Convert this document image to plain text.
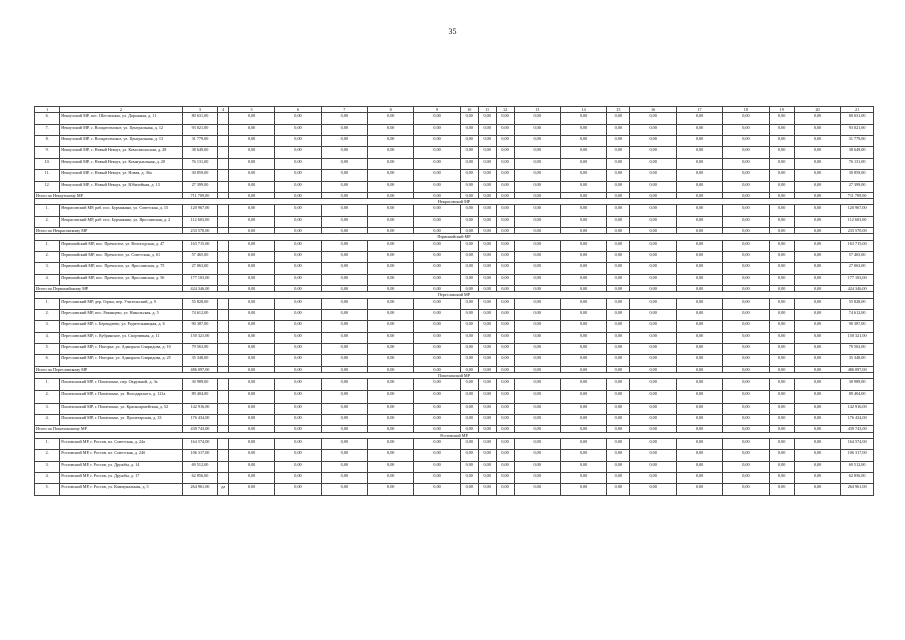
35
1	2	3	4	5	6	7	8	9	10	11	12	13	14	15	16	17	18	19	20	21
6.	Некоузский МР, пос. Шестихино, ул. Дорожная, д. 11	80 631,00		0,00	0,00	0,00	0,00	0,00	0,00	0,00	0,00	0,00	0,00	0,00	0,00	0,00	0,00	0,00	0,00	80 631,00
7.	Некоузский МР, с. Воскресенское, ул. Центральная, д. 12	93 021,00		0,00	0,00	0,00	0,00	0,00	0,00	0,00	0,00	0,00	0,00	0,00	0,00	0,00	0,00	0,00	0,00	93 021,00
8.	Некоузский МР, с. Воскресенское, ул. Центральная, д. 13	31 779,00		0,00	0,00	0,00	0,00	0,00	0,00	0,00	0,00	0,00	0,00	0,00	0,00	0,00	0,00	0,00	0,00	31 779,00
9.	Некоузский МР, с. Новый Некоуз, ул. Комсомольская, д. 28	38 649,00		0,00	0,00	0,00	0,00	0,00	0,00	0,00	0,00	0,00	0,00	0,00	0,00	0,00	0,00	0,00	0,00	38 649,00
10.	Некоузский МР, с. Новый Некоуз, ул. Коммунальная, д. 20	76 131,00		0,00	0,00	0,00	0,00	0,00	0,00	0,00	0,00	0,00	0,00	0,00	0,00	0,00	0,00	0,00	0,00	76 131,00
11.	Некоузский МР, с. Новый Некоуз, ул. Новая, д. 36а	30 859,00		0,00	0,00	0,00	0,00	0,00	0,00	0,00	0,00	0,00	0,00	0,00	0,00	0,00	0,00	0,00	0,00	30 859,00
12.	Некоузский МР, с. Новый Некоуз, ул. Юбилейная, д. 13	27 399,00		0,00	0,00	0,00	0,00	0,00	0,00	0,00	0,00	0,00	0,00	0,00	0,00	0,00	0,00	0,00	0,00	27 399,00
Итого по Некоузскому МР		711 709,00		0,00	0,00	0,00	0,00	0,00	0,00	0,00	0,00	0,00	0,00	0,00	0,00	0,00	0,00	0,00	0,00	711 709,00
Некрасовский МР																				
1.	Некрасовский МР, раб. пос. Бурмакино, ул. Советская, д. 15	120 967,00		0,00	0,00	0,00	0,00	0,00	0,00	0,00	0,00	0,00	0,00	0,00	0,00	0,00	0,00	0,00	0,00	120 967,00
2.	Некрасовский МР, раб. пос. Бурмакино, ул. Ярославская, д. 2	112 603,00		0,00	0,00	0,00	0,00	0,00	0,00	0,00	0,00	0,00	0,00	0,00	0,00	0,00	0,00	0,00	0,00	112 603,00
Итого по Некрасовскому МР		233 570,00		0,00	0,00	0,00	0,00	0,00	0,00	0,00	0,00	0,00	0,00	0,00	0,00	0,00	0,00	0,00	0,00	233 570,00
Первомайский МР																				
1.	Первомайский МР, пос. Пречистое, ул. Вологодская, д. 47	163 715,00		0,00	0,00	0,00	0,00	0,00	0,00	0,00	0,00	0,00	0,00	0,00	0,00	0,00	0,00	0,00	0,00	163 715,00
2.	Первомайский МР, пос. Пречистое, ул. Советская, д. 61	57 465,00		0,00	0,00	0,00	0,00	0,00	0,00	0,00	0,00	0,00	0,00	0,00	0,00	0,00	0,00	0,00	0,00	57 465,00
3.	Первомайский МР, пос. Пречистое, ул. Ярославская, д. 75	27 063,00		0,00	0,00	0,00	0,00	0,00	0,00	0,00	0,00	0,00	0,00	0,00	0,00	0,00	0,00	0,00	0,00	27 063,00
4.	Первомайский МР, пос. Пречистое, ул. Ярославская, д. 56	177 103,00		0,00	0,00	0,00	0,00	0,00	0,00	0,00	0,00	0,00	0,00	0,00	0,00	0,00	0,00	0,00	0,00	177 103,00
Итого по Первомайскому МР		424 346,00		0,00	0,00	0,00	0,00	0,00	0,00	0,00	0,00	0,00	0,00	0,00	0,00	0,00	0,00	0,00	0,00	424 346,00
Переславский МР																				
1.	Переславский МР, дер. Горки, пер. Учительский, д. 9	55 828,00		0,00	0,00	0,00	0,00	0,00	0,00	0,00	0,00	0,00	0,00	0,00	0,00	0,00	0,00	0,00	0,00	55 828,00
2.	Переславский МР, пос. Рязанцево, ул. Никольская, д. 5	74 612,00		0,00	0,00	0,00	0,00	0,00	0,00	0,00	0,00	0,00	0,00	0,00	0,00	0,00	0,00	0,00	0,00	74 612,00
3.	Переславский МР, с. Берендеево, ул. Родительницкая, д. 6	90 387,00		0,00	0,00	0,00	0,00	0,00	0,00	0,00	0,00	0,00	0,00	0,00	0,00	0,00	0,00	0,00	0,00	90 387,00
4.	Переславский МР, с. Кубринское, ул. Спортивная, д. 11	150 321,00		0,00	0,00	0,00	0,00	0,00	0,00	0,00	0,00	0,00	0,00	0,00	0,00	0,00	0,00	0,00	0,00	150 321,00
5.	Переславский МР, с. Нагорье, ул. Адмирала Спиридова, д. 10	79 563,00		0,00	0,00	0,00	0,00	0,00	0,00	0,00	0,00	0,00	0,00	0,00	0,00	0,00	0,00	0,00	0,00	79 563,00
6.	Переславский МР, с. Нагорье, ул. Адмирала Спиридова, д. 25	35 348,00		0,00	0,00	0,00	0,00	0,00	0,00	0,00	0,00	0,00	0,00	0,00	0,00	0,00	0,00	0,00	0,00	35 348,00
Итого по Переславскому МР		486 097,00		0,00	0,00	0,00	0,00	0,00	0,00	0,00	0,00	0,00	0,00	0,00	0,00	0,00	0,00	0,00	0,00	486 097,00
Пошехонский МР																				
1.	Пошехонский МР, г. Пошехонье, пер. Окружной, д. 3а	30 989,00		0,00	0,00	0,00	0,00	0,00	0,00	0,00	0,00	0,00	0,00	0,00	0,00	0,00	0,00	0,00	0,00	30 989,00
2.	Пошехонский МР, г. Пошехонье, ул. Володарского, д. 121а	89 404,00		0,00	0,00	0,00	0,00	0,00	0,00	0,00	0,00	0,00	0,00	0,00	0,00	0,00	0,00	0,00	0,00	89 404,00
3.	Пошехонский МР, г. Пошехонье, ул. Красноармейская, д. 52	142 916,00		0,00	0,00	0,00	0,00	0,00	0,00	0,00	0,00	0,00	0,00	0,00	0,00	0,00	0,00	0,00	0,00	142 916,00
4.	Пошехонский МР, г. Пошехонье, ул. Пролетарская, д. 33	176 434,00		0,00	0,00	0,00	0,00	0,00	0,00	0,00	0,00	0,00	0,00	0,00	0,00	0,00	0,00	0,00	0,00	176 434,00
Итого по Пошехонскому МР		439 743,00		0,00	0,00	0,00	0,00	0,00	0,00	0,00	0,00	0,00	0,00	0,00	0,00	0,00	0,00	0,00	0,00	439 743,00
Ростовский МР																				
1.	Ростовский МР, г. Ростов, пл. Советская, д. 24а	164 574,00		0,00	0,00	0,00	0,00	0,00	0,00	0,00	0,00	0,00	0,00	0,00	0,00	0,00	0,00	0,00	0,00	164 574,00
2.	Ростовский МР, г. Ростов, пл. Советская, д. 24б	106 317,00		0,00	0,00	0,00	0,00	0,00	0,00	0,00	0,00	0,00	0,00	0,00	0,00	0,00	0,00	0,00	0,00	106 317,00
3.	Ростовский МР, г. Ростов, ул. Дружбы, д. 14	69 512,00		0,00	0,00	0,00	0,00	0,00	0,00	0,00	0,00	0,00	0,00	0,00	0,00	0,00	0,00	0,00	0,00	69 512,00
4.	Ростовский МР, г. Ростов, ул. Дружбы, д. 17	62 856,00		0,00	0,00	0,00	0,00	0,00	0,00	0,00	0,00	0,00	0,00	0,00	0,00	0,00	0,00	0,00	0,00	62 856,00
5.	Ростовский МР, г. Ростов, ул. Коммунальная, д. 5	264 961,00	да	0,00	0,00	0,00	0,00	0,00	0,00	0,00	0,00	0,00	0,00	0,00	0,00	0,00	0,00	0,00	0,00	264 961,00
